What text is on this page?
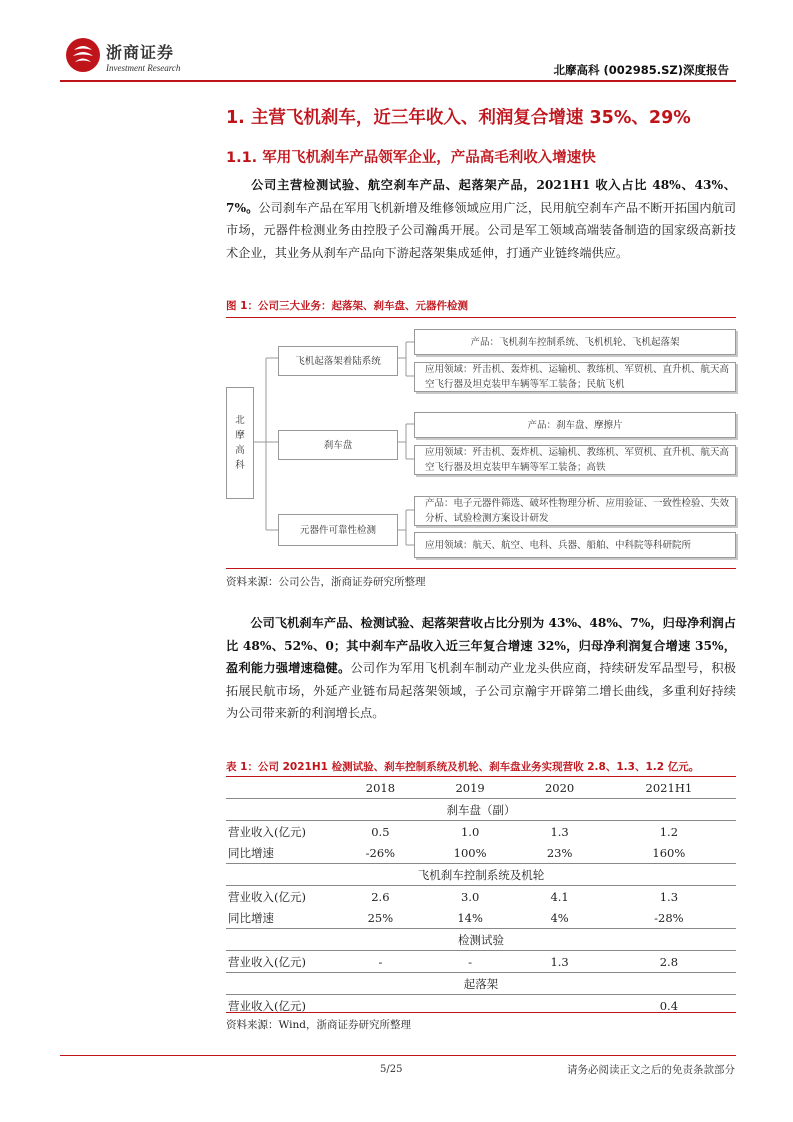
浙商证券
Investment Research	北摩高科 (002985.SZ)深度报告
1. 主营飞机刹车，近三年收入、利润复合增速 35%、29%
1.1. 军用飞机刹车产品领军企业，产品高毛利收入增速快
  公司主营检测试验、航空刹车产品、起落架产品，2021H1 收入占比 48%、43%、7%。公司刹车产品在军用飞机新增及维修领域应用广泛，民用航空刹车产品不断开拓国内航司市场，元器件检测业务由控股子公司瀚禹开展。公司是军工领域高端装备制造的国家级高新技术企业，其业务从刹车产品向下游起落架集成延伸，打通产业链终端供应。
图 1：公司三大业务：起落架、刹车盘、元器件检测
北摩高科
飞机起落架着陆系统
刹车盘
元器件可靠性检测
产品：飞机刹车控制系统、飞机机轮、飞机起落架
应用领域：歼击机、轰炸机、运输机、教练机、军贸机、直升机、航天高空飞行器及坦克装甲车辆等军工装备；民航飞机
产品：刹车盘、摩擦片
应用领域：歼击机、轰炸机、运输机、教练机、军贸机、直升机、航天高空飞行器及坦克装甲车辆等军工装备；高铁
产品：电子元器件筛选、破坏性物理分析、应用验证、一致性检验、失效分析、试验检测方案设计研发
应用领域：航天、航空、电科、兵器、船舶、中科院等科研院所
资料来源：公司公告，浙商证券研究所整理
  公司飞机刹车产品、检测试验、起落架营收占比分别为 43%、48%、7%，归母净利润占比 48%、52%、0；其中刹车产品收入近三年复合增速 32%，归母净利润复合增速 35%，盈利能力强增速稳健。公司作为军用飞机刹车制动产业龙头供应商，持续研发军品型号，积极拓展民航市场，外延产业链布局起落架领域，子公司京瀚宇开辟第二增长曲线，多重利好持续为公司带来新的利润增长点。
表 1：公司 2021H1 检测试验、刹车控制系统及机轮、刹车盘业务实现营收 2.8、1.3、1.2 亿元。
	2018	2019	2020	2021H1
刹车盘（副）				
营业收入(亿元)	0.5	1.0	1.3	1.2
同比增速	-26%	100%	23%	160%
飞机刹车控制系统及机轮				
营业收入(亿元)	2.6	3.0	4.1	1.3
同比增速	25%	14%	4%	-28%
检测试验				
营业收入(亿元)	-	-	1.3	2.8
起落架				
营业收入(亿元)				0.4
资料来源：Wind，浙商证券研究所整理
5/25	请务必阅读正文之后的免责条款部分
